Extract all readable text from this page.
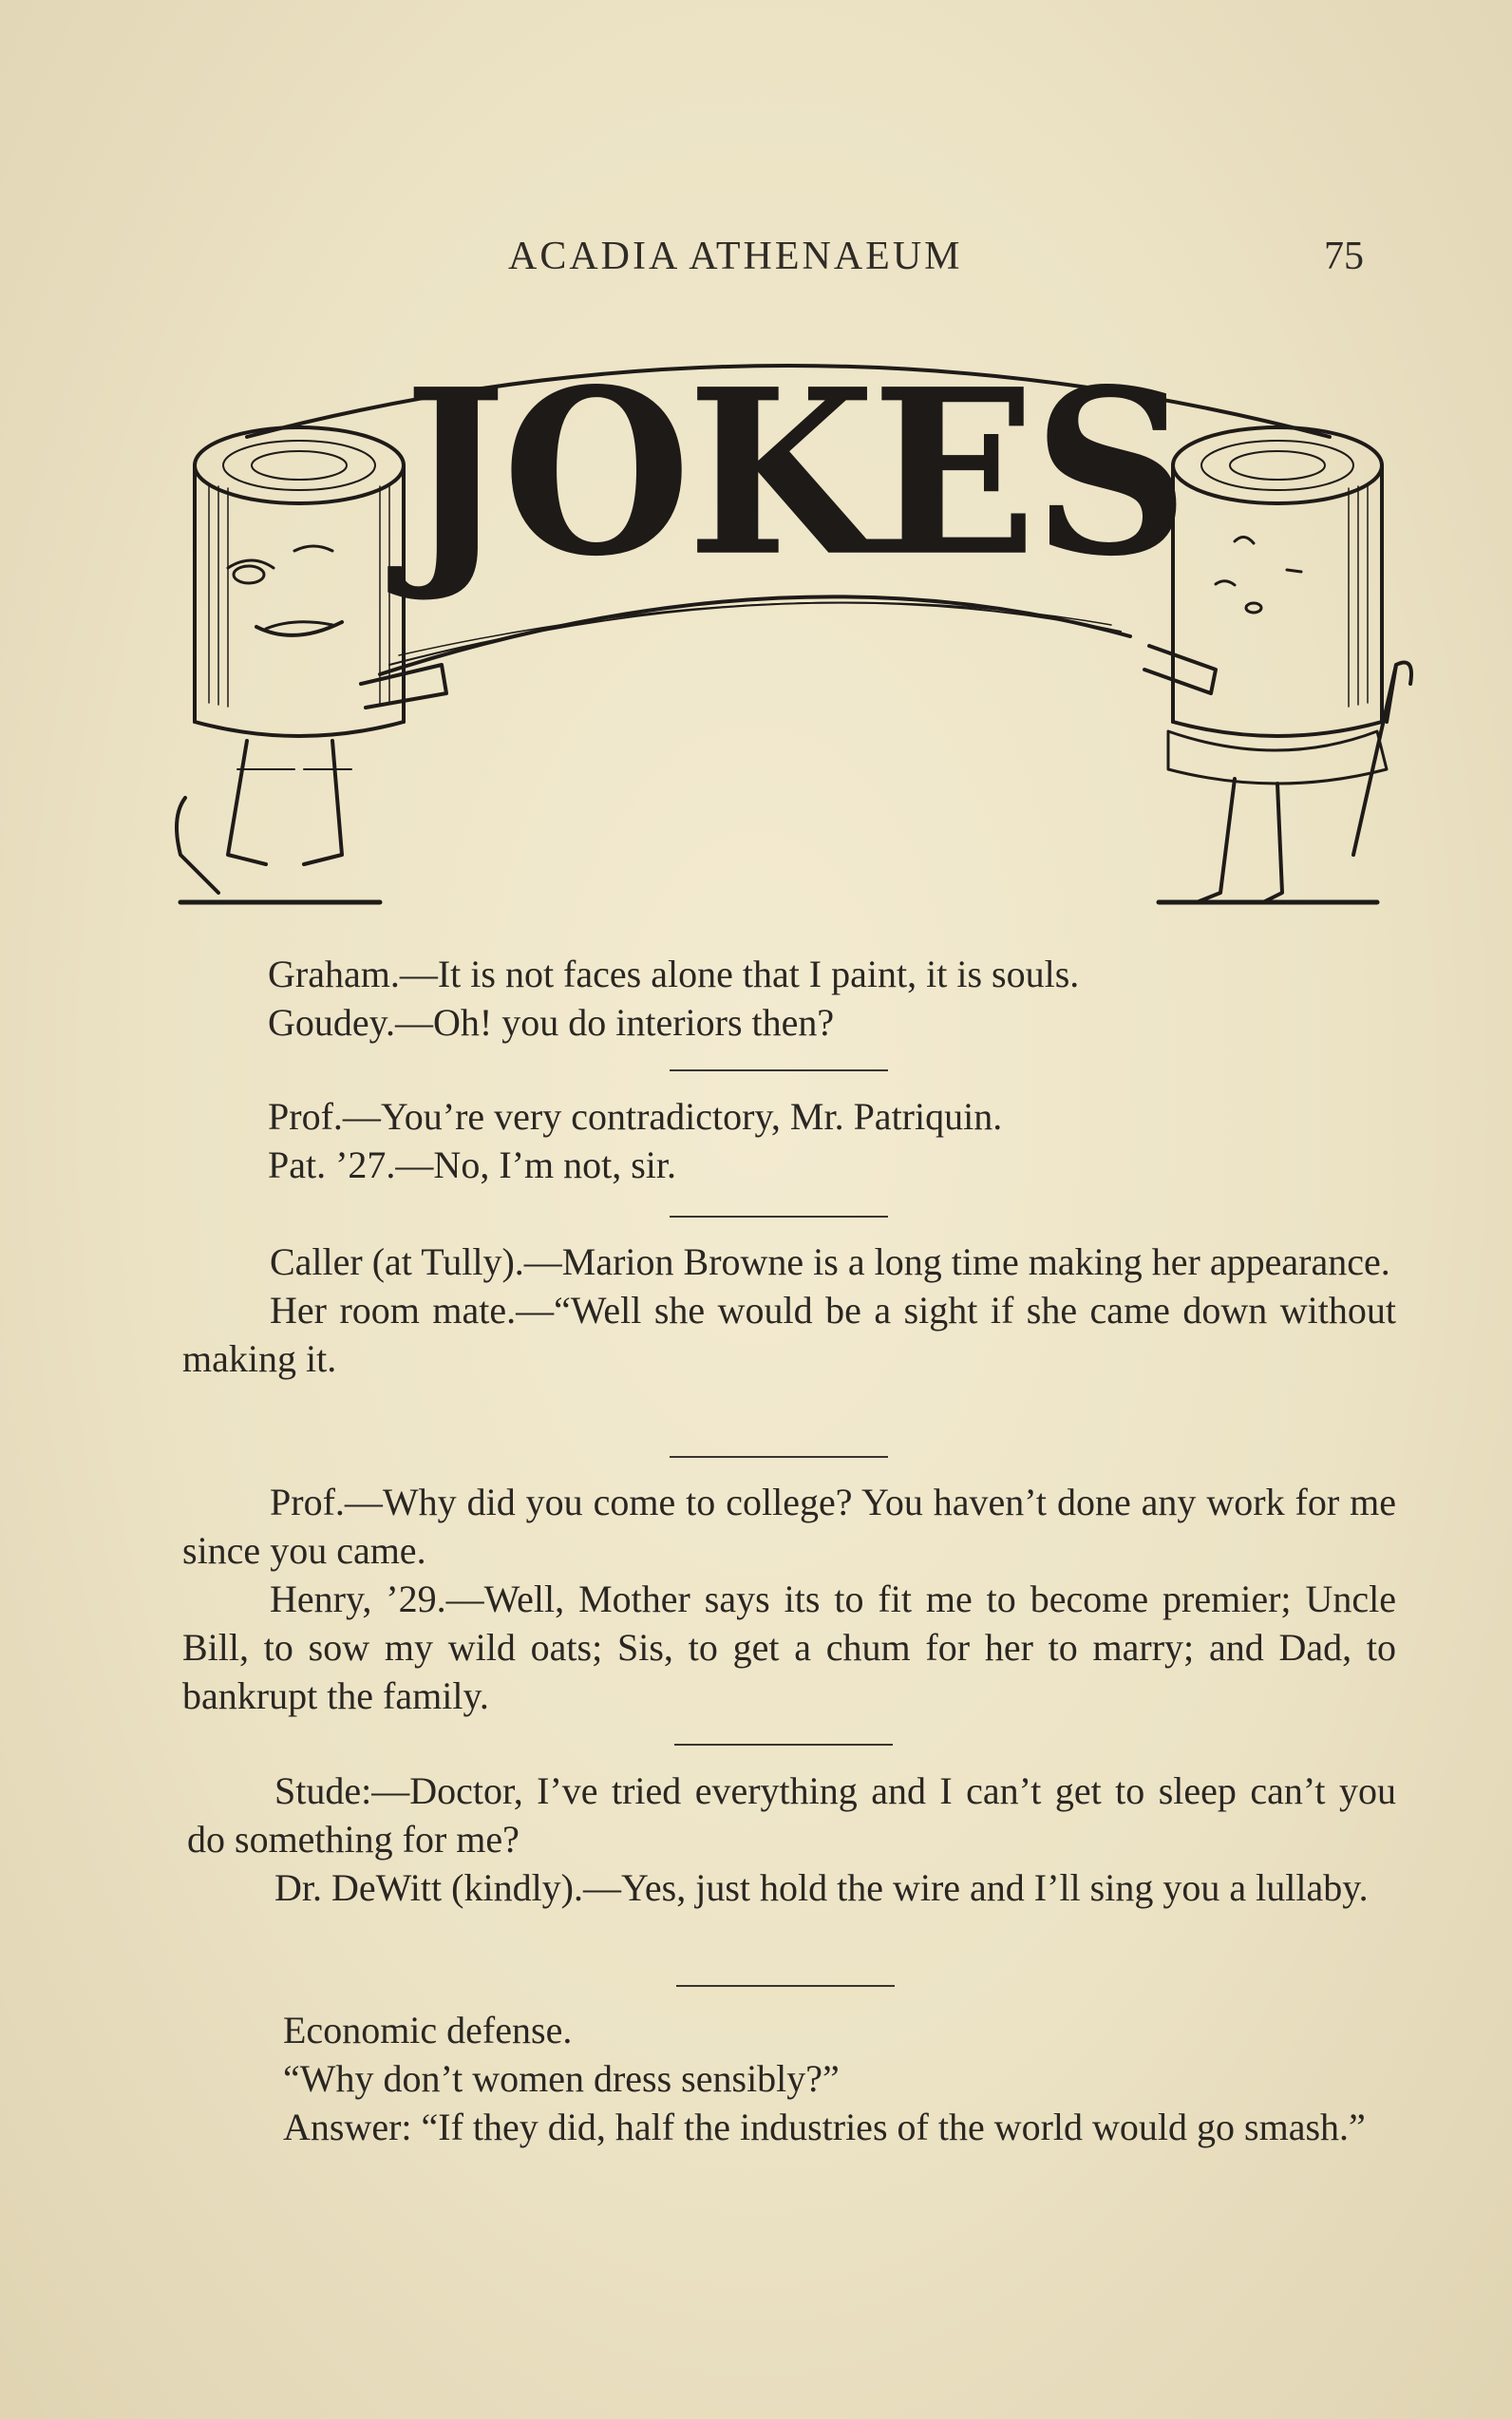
ACADIA ATHENAEUM	75
JOKES

Graham.—It is not faces alone that I paint, it is souls.

Goudey.—Oh! you do interiors then?

Prof.—You’re very contradictory, Mr. Patriquin.

Pat. ’27.—No, I’m not, sir.

Caller (at Tully).—Marion Browne is a long time making her appearance.

Her room mate.—“Well she would be a sight if she came down without making it.

Prof.—Why did you come to college? You haven’t done any work for me since you came.

Henry, ’29.—Well, Mother says its to fit me to become premier; Uncle Bill, to sow my wild oats; Sis, to get a chum for her to marry; and Dad, to bankrupt the family.

Stude:—Doctor, I’ve tried everything and I can’t get to sleep can’t you do something for me?

Dr. DeWitt (kindly).—Yes, just hold the wire and I’ll sing you a lullaby.

Economic defense.

“Why don’t women dress sensibly?”

Answer: “If they did, half the industries of the world would go smash.”
